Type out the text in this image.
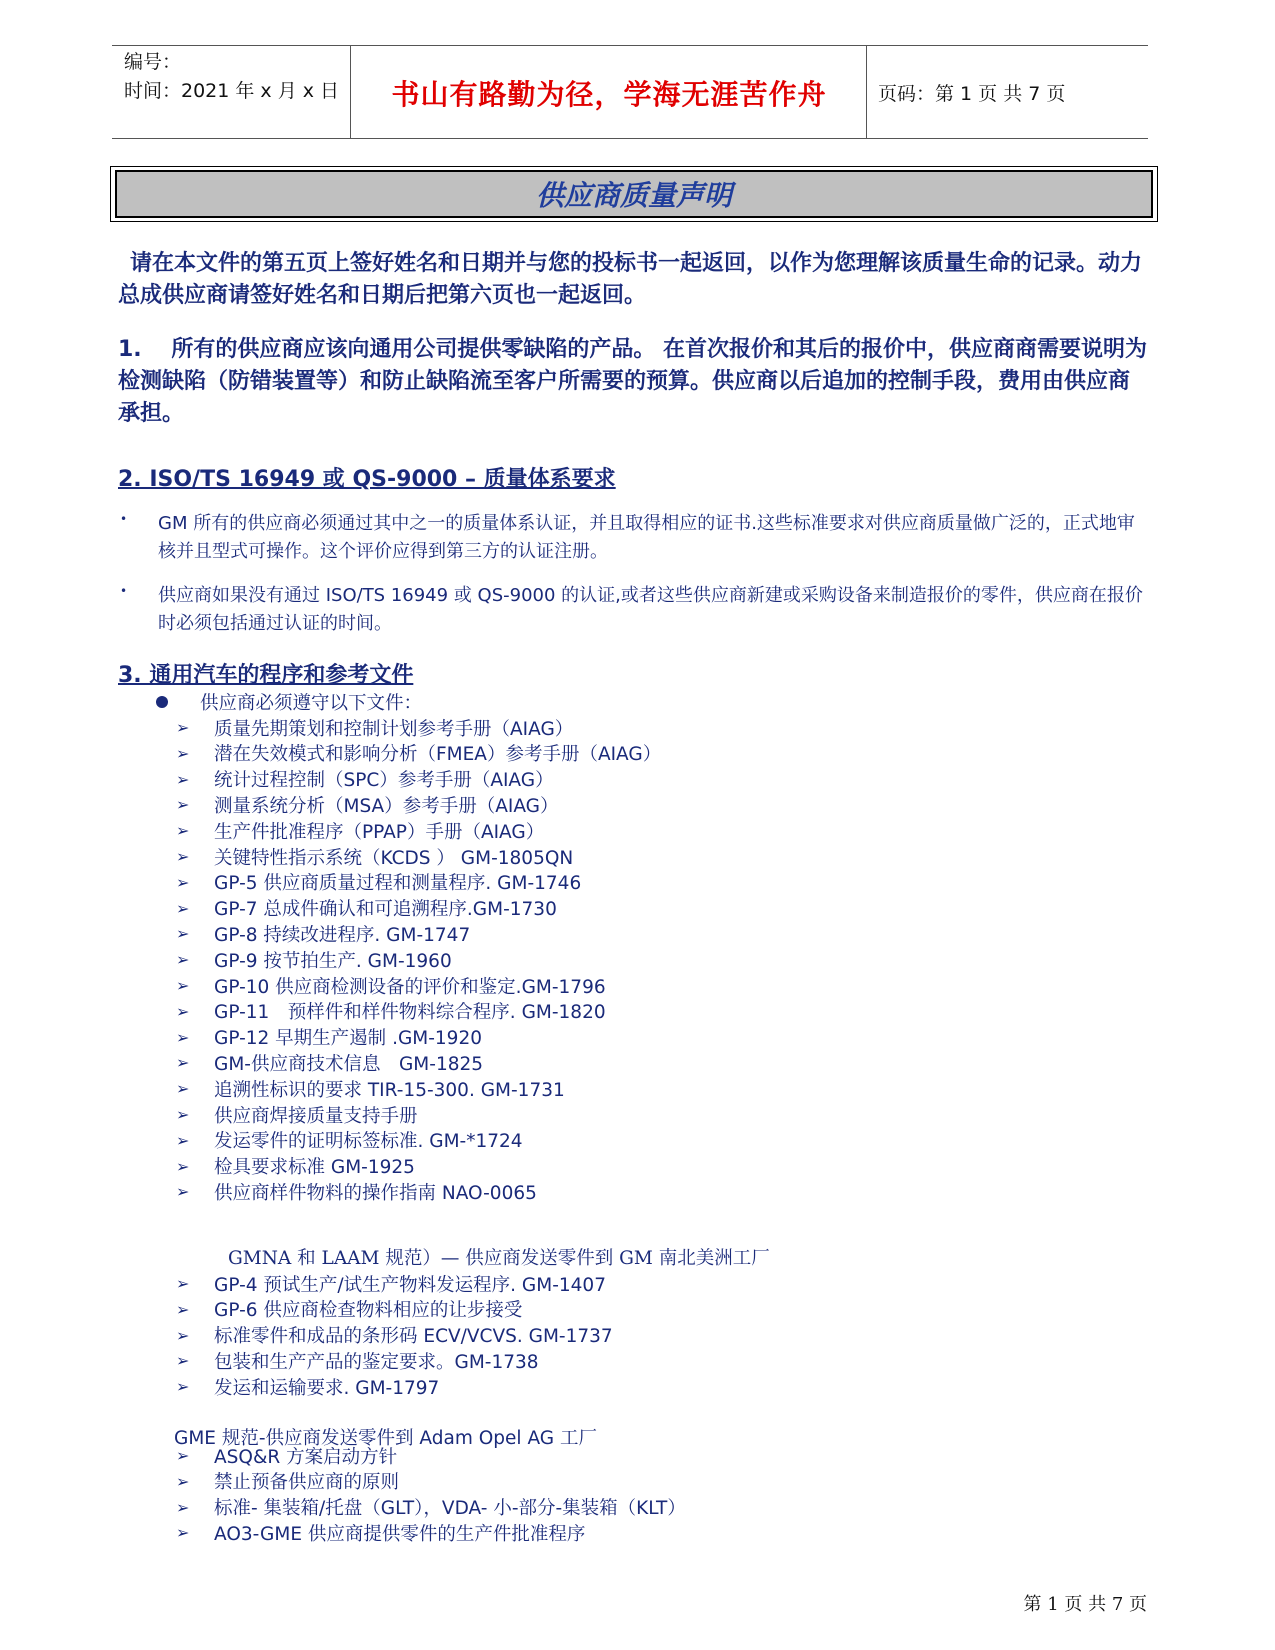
编号：
时间：2021 年 x 月 x 日	书山有路勤为径，学海无涯苦作舟	页码：第 1 页 共 7 页
供应商质量声明
请在本文件的第五页上签好姓名和日期并与您的投标书一起返回，以作为您理解该质量生命的记录。动力总成供应商请签好姓名和日期后把第六页也一起返回。
1.　 所有的供应商应该向通用公司提供零缺陷的产品。 在首次报价和其后的报价中，供应商商需要说明为检测缺陷（防错装置等）和防止缺陷流至客户所需要的预算。供应商以后追加的控制手段，费用由供应商承担。
2. ISO/TS 16949 或 QS-9000 – 质量体系要求
• GM 所有的供应商必须通过其中之一的质量体系认证，并且取得相应的证书.这些标准要求对供应商质量做广泛的，正式地审核并且型式可操作。这个评价应得到第三方的认证注册。
• 供应商如果没有通过 ISO/TS 16949 或 QS-9000 的认证,或者这些供应商新建或采购设备来制造报价的零件，供应商在报价时必须包括通过认证的时间。
3. 通用汽车的程序和参考文件
供应商必须遵守以下文件：
➢	质量先期策划和控制计划参考手册（AIAG）
➢	潜在失效模式和影响分析（FMEA）参考手册（AIAG）
➢	统计过程控制（SPC）参考手册（AIAG）
➢	测量系统分析（MSA）参考手册（AIAG）
➢	生产件批准程序（PPAP）手册（AIAG）
➢	关键特性指示系统（KCDS ） GM-1805QN
➢	GP-5 供应商质量过程和测量程序. GM-1746
➢	GP-7 总成件确认和可追溯程序.GM-1730
➢	GP-8 持续改进程序. GM-1747
➢	GP-9 按节拍生产. GM-1960
➢	GP-10 供应商检测设备的评价和鉴定.GM-1796
➢	GP-11　预样件和样件物料综合程序. GM-1820
➢	GP-12 早期生产遏制 .GM-1920
➢	GM-供应商技术信息　GM-1825
➢	追溯性标识的要求 TIR-15-300. GM-1731
➢	供应商焊接质量支持手册
➢	发运零件的证明标签标准. GM-*1724
➢	检具要求标准 GM-1925
➢	供应商样件物料的操作指南 NAO-0065
GMNA 和 LAAM 规范）— 供应商发送零件到 GM 南北美洲工厂
➢	GP-4 预试生产/试生产物料发运程序. GM-1407
➢	GP-6 供应商检查物料相应的让步接受
➢	标准零件和成品的条形码 ECV/VCVS. GM-1737
➢	包装和生产产品的鉴定要求。GM-1738
➢	发运和运输要求. GM-1797
GME 规范-供应商发送零件到 Adam Opel AG 工厂
➢	ASQ&R 方案启动方针
➢	禁止预备供应商的原则
➢	标准- 集装箱/托盘（GLT），VDA- 小-部分-集装箱（KLT）
➢	AO3-GME 供应商提供零件的生产件批准程序
第 1 页 共 7 页
